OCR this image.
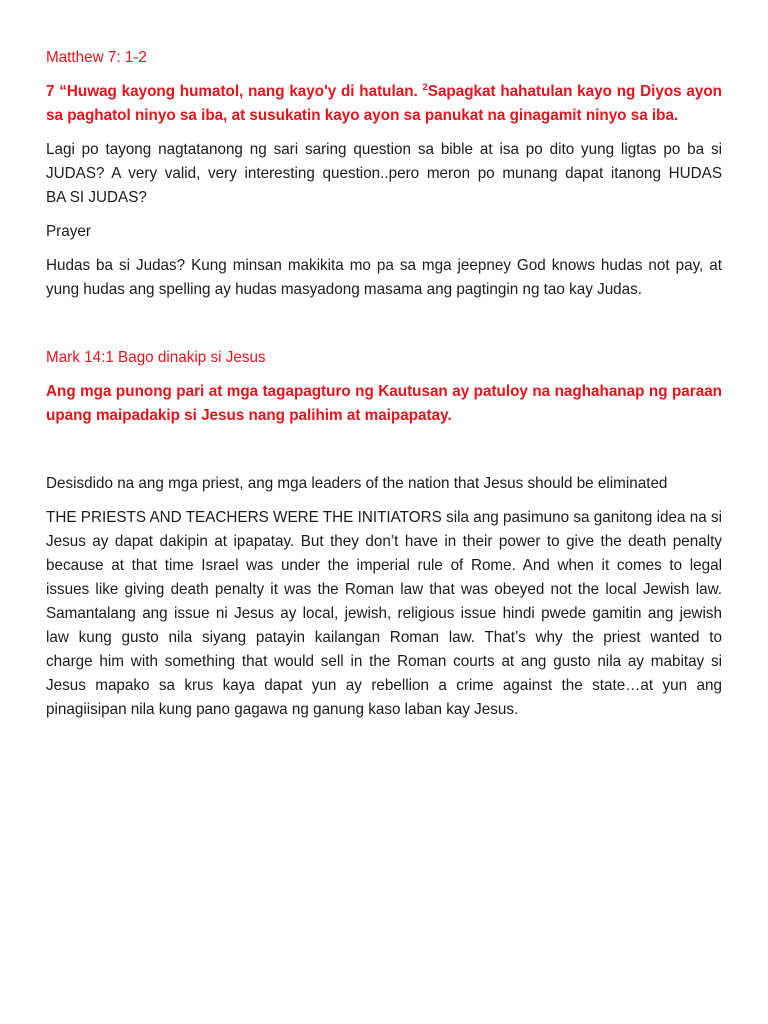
Matthew 7: 1-2
7 “Huwag kayong humatol, nang kayo'y di hatulan. $^2$Sapagkat hahatulan kayo ng Diyos ayon
sa paghatol ninyo sa iba, at susukatin kayo ayon sa panukat na ginagamit ninyo sa iba.
Lagi po tayong nagtatanong ng sari saring question sa bible at isa po dito yung ligtas po ba si
JUDAS? A very valid, very interesting question..pero meron po munang dapat itanong HUDAS
BA SI JUDAS?
Prayer
Hudas ba si Judas? Kung minsan makikita mo pa sa mga jeepney God knows hudas not pay, at
yung hudas ang spelling ay hudas masyadong masama ang pagtingin ng tao kay Judas.
Mark 14:1 Bago dinakip si Jesus
Ang mga punong pari at mga tagapagturo ng Kautusan ay patuloy na naghahanap ng paraan
upang maipadakip si Jesus nang palihim at maipapatay.
Desisdido na ang mga priest, ang mga leaders of the nation that Jesus should be eliminated
THE PRIESTS AND TEACHERS WERE THE INITIATORS sila ang pasimuno sa ganitong idea na si
Jesus ay dapat dakipin at ipapatay. But they don’t have in their power to give the death penalty
because at that time Israel was under the imperial rule of Rome. And when it comes to legal
issues like giving death penalty it was the Roman law that was obeyed not the local Jewish law.
Samantalang ang issue ni Jesus ay local, jewish, religious issue hindi pwede gamitin ang jewish
law kung gusto nila siyang patayin kailangan Roman law. That’s why the priest wanted to
charge him with something that would sell in the Roman courts at ang gusto nila ay mabitay si
Jesus mapako sa krus kaya dapat yun ay rebellion a crime against the state…at yun ang
pinagiisipan nila kung pano gagawa ng ganung kaso laban kay Jesus.
